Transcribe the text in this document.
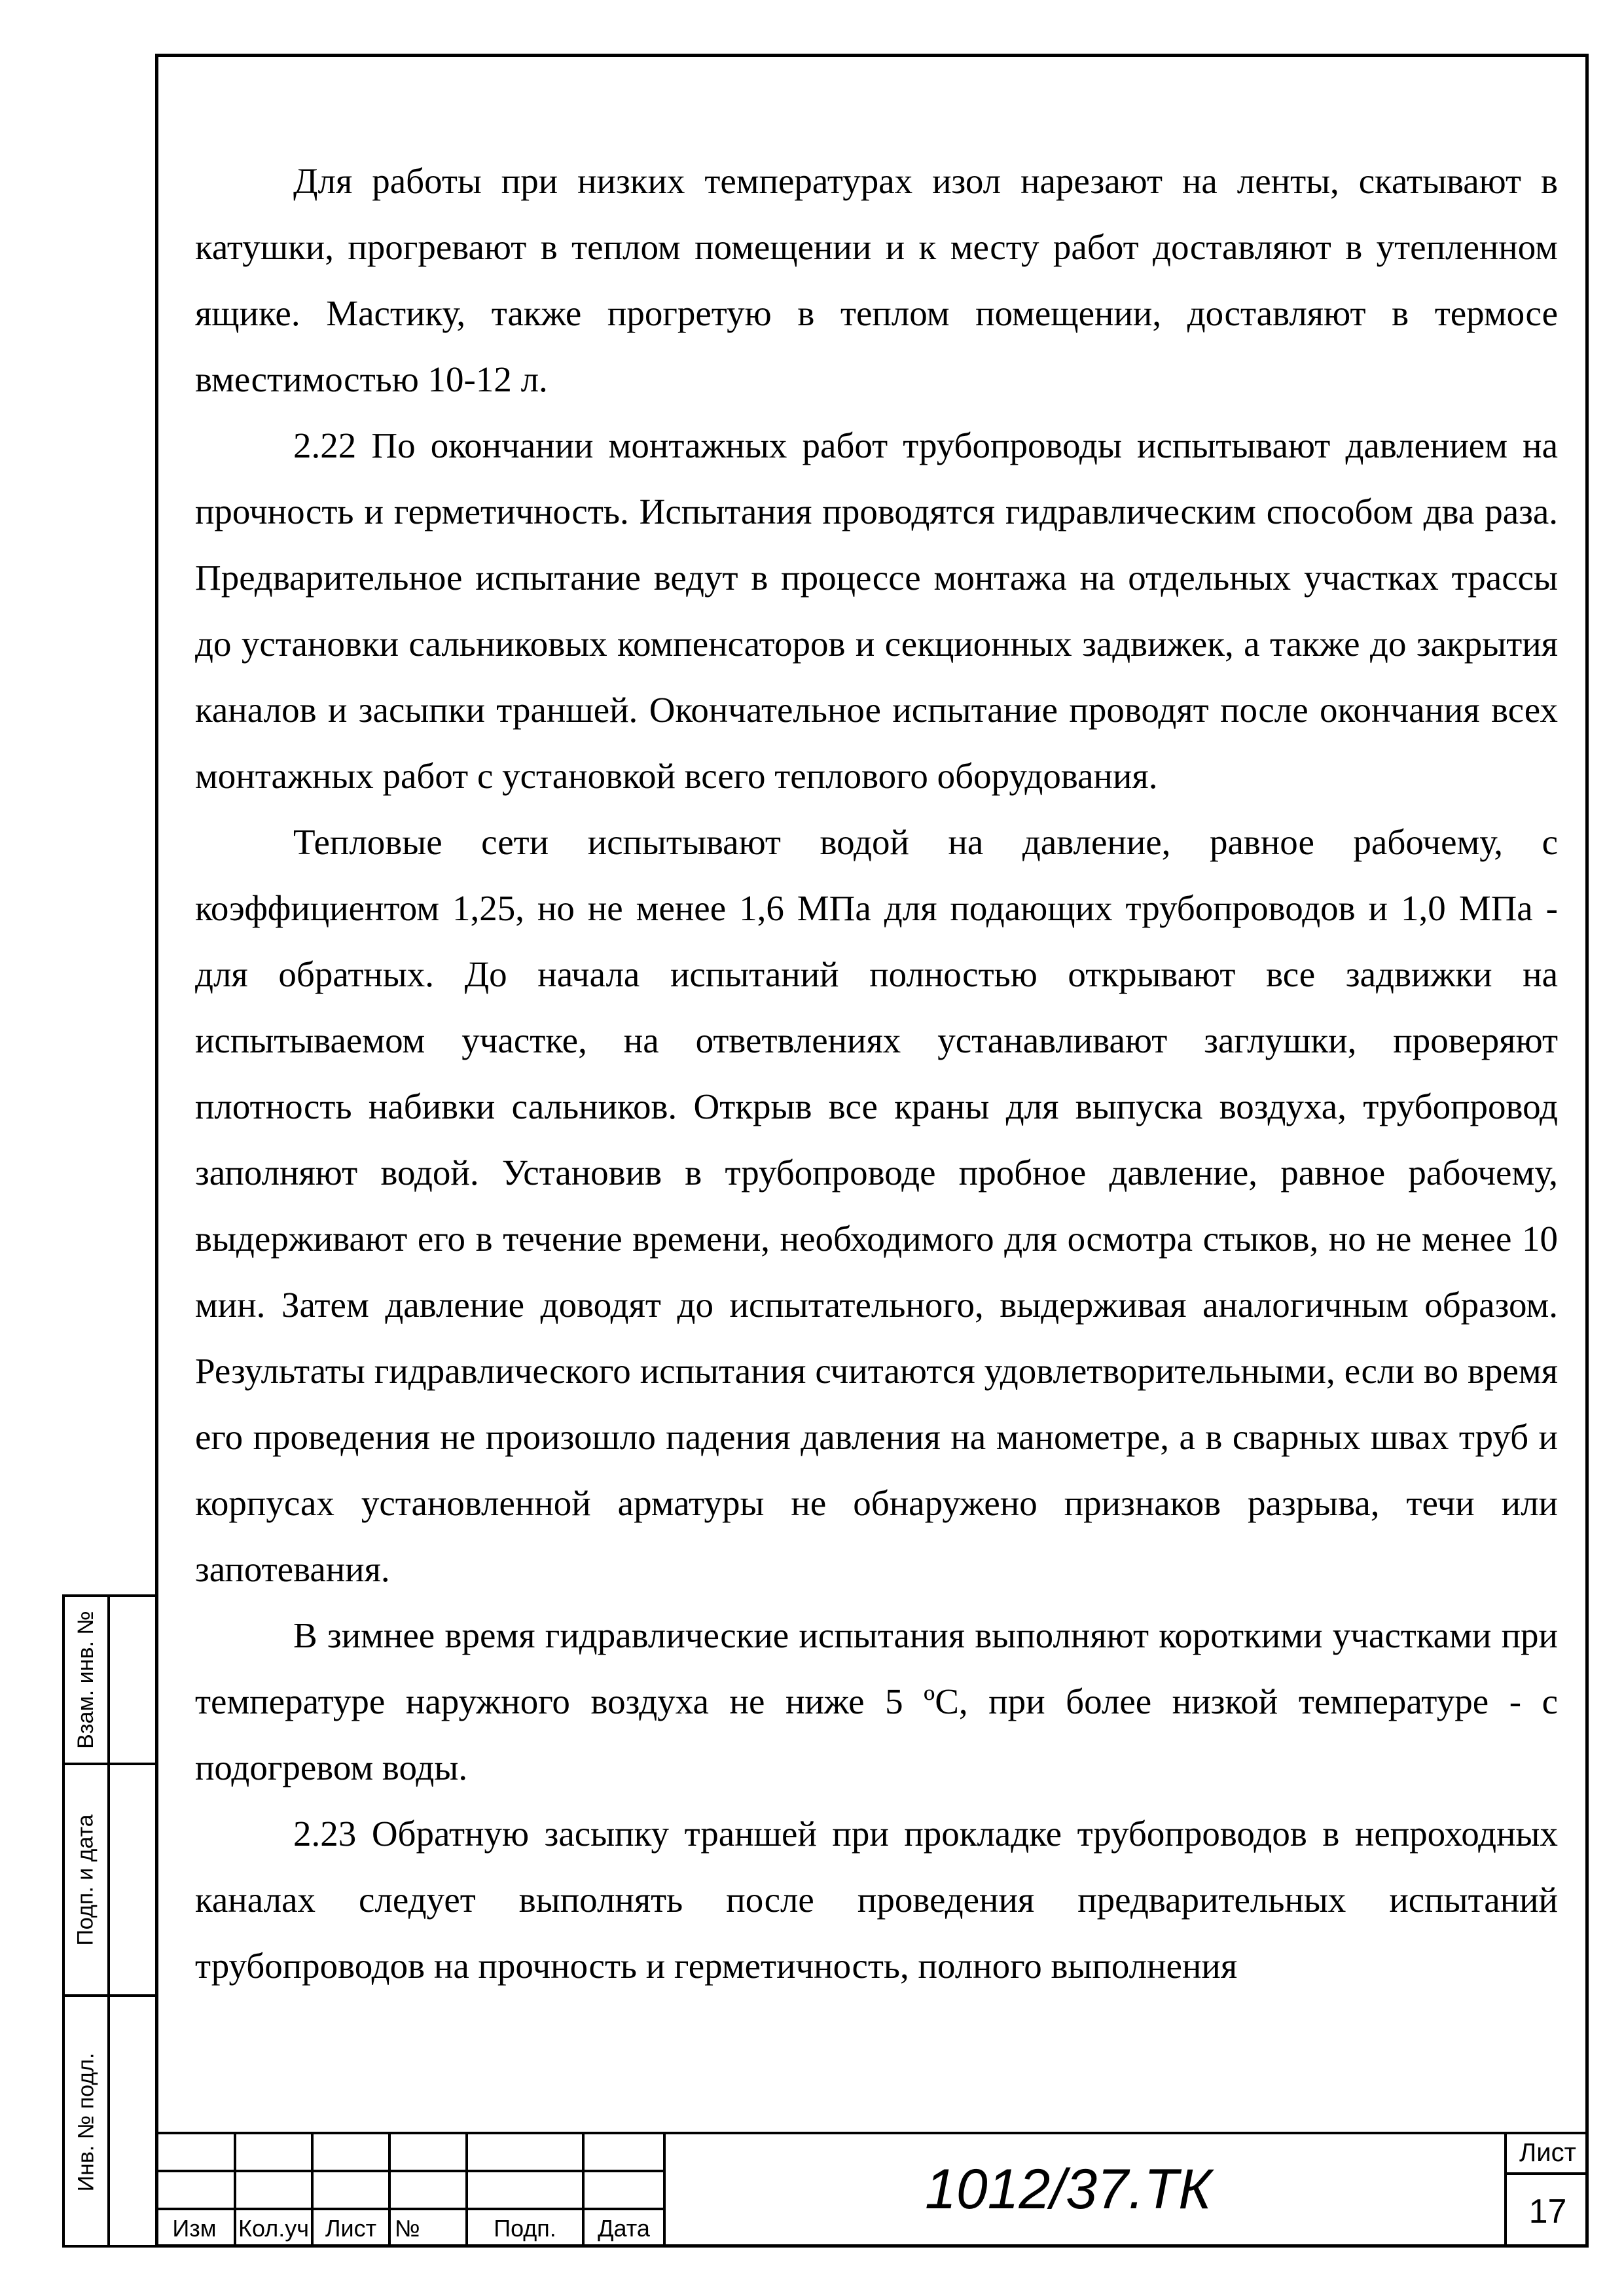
Для работы при низких температурах изол нарезают на ленты, скатывают в катушки, прогревают в теплом помещении и к месту работ доставляют в утепленном ящике. Мастику, также прогретую в теплом помещении, доставляют в термосе вместимостью 10-12 л.

2.22 По окончании монтажных работ трубопроводы испытывают давлением на прочность и герметичность. Испытания проводятся гидравлическим способом два раза. Предварительное испытание ведут в процессе монтажа на отдельных участках трассы до установки сальниковых компенсаторов и секционных задвижек, а также до закрытия каналов и засыпки траншей. Окончательное испытание проводят после окончания всех монтажных работ с установкой всего теплового оборудования.

Тепловые сети испытывают водой на давление, равное рабочему, с коэффициентом 1,25, но не менее 1,6 МПа для подающих трубопроводов и 1,0 МПа - для обратных. До начала испытаний полностью открывают все задвижки на испытываемом участке, на ответвлениях устанавливают заглушки, проверяют плотность набивки сальников. Открыв все краны для выпуска воздуха, трубопровод заполняют водой. Установив в трубопроводе пробное давление, равное рабочему, выдерживают его в течение времени, необходимого для осмотра стыков, но не менее 10 мин. Затем давление доводят до испытательного, выдерживая аналогичным образом. Результаты гидравлического испытания считаются удовлетворительными, если во время его проведения не произошло падения давления на манометре, а в сварных швах труб и корпусах установленной арматуры не обнаружено признаков разрыва, течи или запотевания.

В зимнее время гидравлические испытания выполняют короткими участками при температуре наружного воздуха не ниже 5 ºС, при более низкой температуре - с подогревом воды.

2.23 Обратную засыпку траншей при прокладке трубопроводов в непроходных каналах следует выполнять после проведения предварительных испытаний трубопроводов на прочность и герметичность, полного выполнения

Взам. инв. №
Подп. и дата
Инв. № подл.
Изм Кол.уч Лист №	Подп.	Дата
1012/37.ТК
Лист
17
